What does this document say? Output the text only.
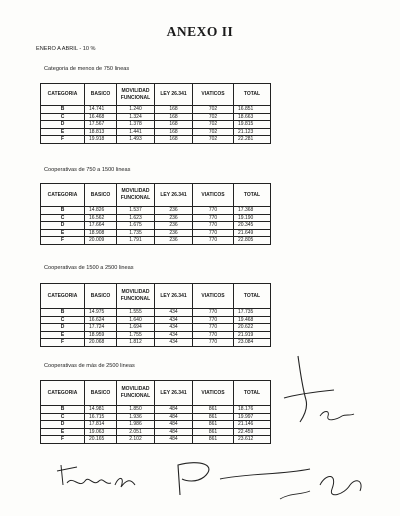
ANEXO II
ENERO A ABRIL - 10 %
Categoria de menos de 750 lineas
CATEGORIA	BASICO	MOVILIDAD FUNCIONAL	LEY 26.341	VIATICOS	TOTAL
B	14.741	1.240	168	702	16.851
C	16.468	1.324	168	702	18.663
D	17.567	1.378	168	702	19.815
E	18.813	1.441	168	702	21.123
F	19.918	1.493	168	702	22.281
Cooperativas de 750 a 1500 lineas
CATEGORIA	BASICO	MOVILIDAD FUNCIONAL	LEY 26.341	VIATICOS	TOTAL
B	14.826	1.537	236	770	17.368
C	16.562	1.623	236	770	19.190
D	17.664	1.675	236	770	20.345
E	18.908	1.735	236	770	21.649
F	20.009	1.791	236	770	22.805
Cooperativas de 1500 a 2500 lineas
CATEGORIA	BASICO	MOVILIDAD FUNCIONAL	LEY 26.341	VIATICOS	TOTAL
B	14.975	1.555	434	770	17.735
C	16.624	1.640	434	770	19.468
D	17.724	1.694	434	770	20.622
E	18.959	1.755	434	770	21.919
F	20.068	1.812	434	770	23.084
Cooperativas de más de 2500 lineas
CATEGORIA	BASICO	MOVILIDAD FUNCIONAL	LEY 26.341	VIATICOS	TOTAL
B	14.981	1.850	484	861	18.176
C	16.715	1.936	484	861	19.997
D	17.814	1.986	484	861	21.146
E	19.063	2.051	484	861	22.459
F	20.165	2.102	484	861	23.612
